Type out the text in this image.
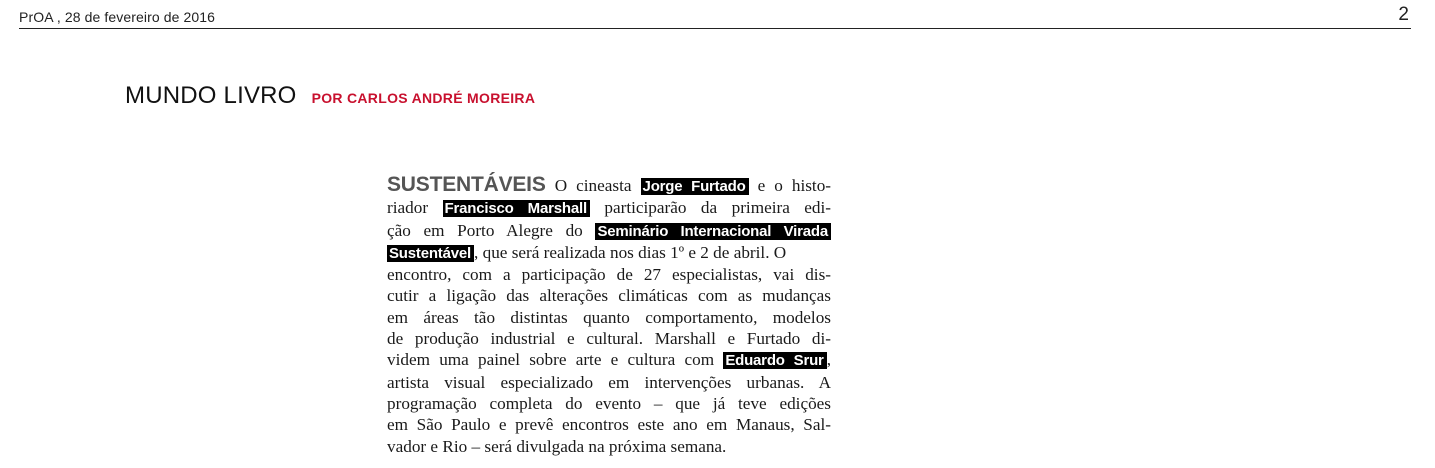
PrOA , 28 de fevereiro de 2016	2
MUNDO LIVRO POR CARLOS ANDRÉ MOREIRA
SUSTENTÁVEIS O cineasta Jorge Furtado e o histo-
riador Francisco Marshall participarão da primeira edi-
ção em Porto Alegre do Seminário Internacional Virada
Sustentável , que será realizada nos dias 1º e 2 de abril. O
encontro, com a participação de 27 especialistas, vai dis-
cutir a ligação das alterações climáticas com as mudanças
em áreas tão distintas quanto comportamento, modelos
de produção industrial e cultural. Marshall e Furtado di-
videm uma painel sobre arte e cultura com Eduardo Srur ,
artista visual especializado em intervenções urbanas. A
programação completa do evento – que já teve edições
em São Paulo e prevê encontros este ano em Manaus, Sal-
vador e Rio – será divulgada na próxima semana.
